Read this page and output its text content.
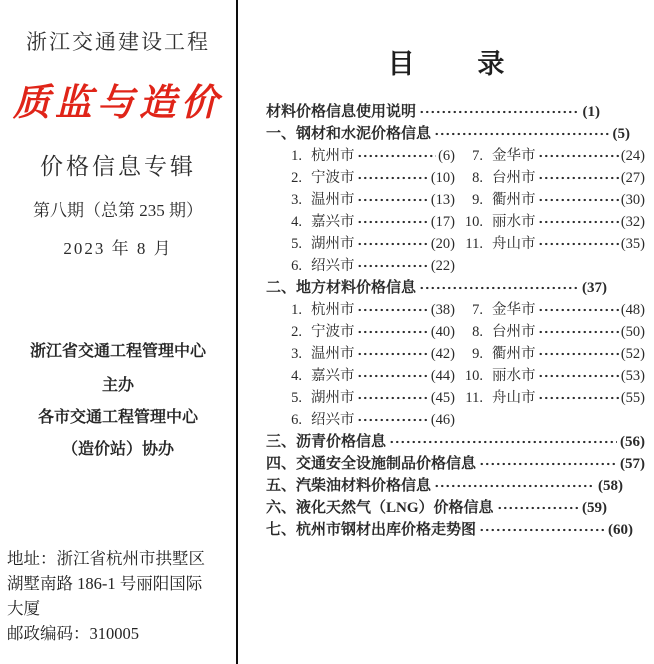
浙江交通建设工程
质监与造价
价格信息专辑
第八期（总第 235 期）
2023 年 8 月
浙江省交通工程管理中心
主办
各市交通工程管理中心
（造价站）协办
地址：浙江省杭州市拱墅区
湖墅南路 186-1 号丽阳国际
大厦
邮政编码：310005
目 录
材料价格信息使用说明	(1)
一、钢材和水泥价格信息	(5)
1. 杭州市	(6)	7. 金华市	(24)
2. 宁波市	(10)	8. 台州市	(27)
3. 温州市	(13)	9. 衢州市	(30)
4. 嘉兴市	(17) 10. 丽水市	(32)
5. 湖州市	(20) 11. 舟山市	(35)
6. 绍兴市	(22)
二、地方材料价格信息	(37)
1. 杭州市	(38)	7. 金华市	(48)
2. 宁波市	(40)	8. 台州市	(50)
3. 温州市	(42)	9. 衢州市	(52)
4. 嘉兴市	(44) 10. 丽水市	(53)
5. 湖州市	(45) 11. 舟山市	(55)
6. 绍兴市	(46)
三、沥青价格信息	(56)
四、交通安全设施制品价格信息	(57)
五、汽柴油材料价格信息	(58)
六、液化天然气（LNG）价格信息	(59)
七、杭州市钢材出库价格走势图	(60)
